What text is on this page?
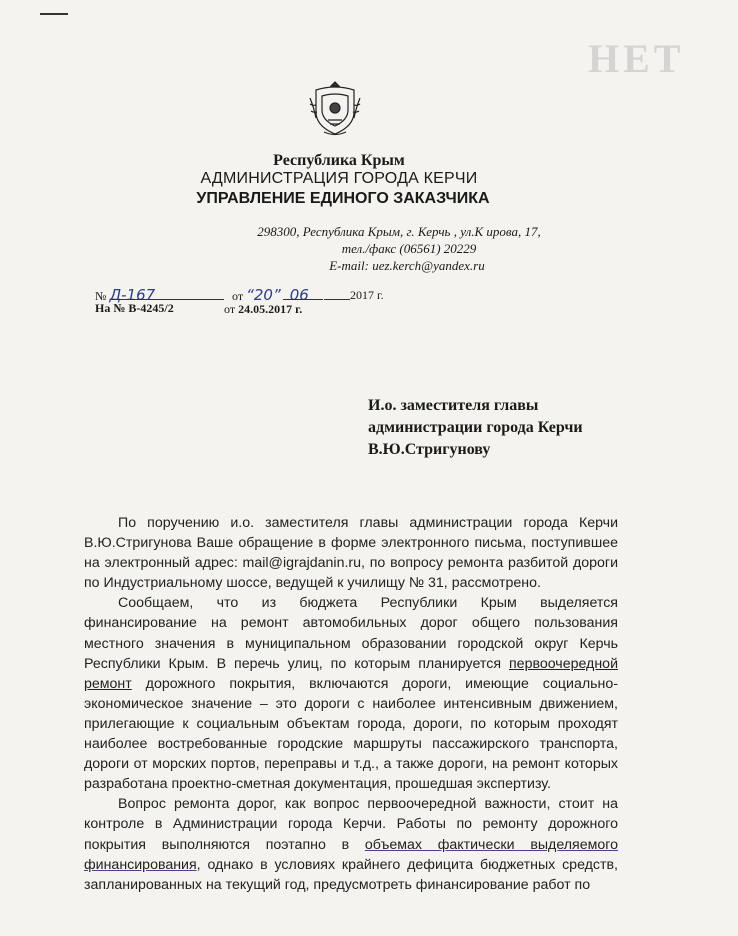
НЕТ
Республика Крым
АДМИНИСТРАЦИЯ ГОРОДА КЕРЧИ
УПРАВЛЕНИЕ ЕДИНОГО ЗАКАЗЧИКА
298300, Республика Крым, г. Керчь , ул.К ирова, 17,
тел./факс (06561) 20229
E-mail: uez.kerch@yandex.ru
№ Д-167	от “20” 06	2017 г.
На № В-4245/2	от 24.05.2017 г.
И.о. заместителя главы
администрации города Керчи
В.Ю.Стригунову

По поручению и.о. заместителя главы администрации города Керчи В.Ю.Стригунова Ваше обращение в форме электронного письма, поступившее на электронный адрес: mail@igrajdanin.ru, по вопросу ремонта разбитой дороги по Индустриальному шоссе, ведущей к училищу № 31, рассмотрено.

Сообщаем, что из бюджета Республики Крым выделяется финансирование на ремонт автомобильных дорог общего пользования местного значения в муниципальном образовании городской округ Керчь Республики Крым. В перечь улиц, по которым планируется первоочередной ремонт дорожного покрытия, включаются дороги, имеющие социально-экономическое значение – это дороги с наиболее интенсивным движением, прилегающие к социальным объектам города, дороги, по которым проходят наиболее востребованные городские маршруты пассажирского транспорта, дороги от морских портов, переправы и т.д., а также дороги, на ремонт которых разработана проектно-сметная документация, прошедшая экспертизу.

Вопрос ремонта дорог, как вопрос первоочередной важности, стоит на контроле в Администрации города Керчи. Работы по ремонту дорожного покрытия выполняются поэтапно в объемах фактически выделяемого финансирования, однако в условиях крайнего дефицита бюджетных средств, запланированных на текущий год, предусмотреть финансирование работ по
